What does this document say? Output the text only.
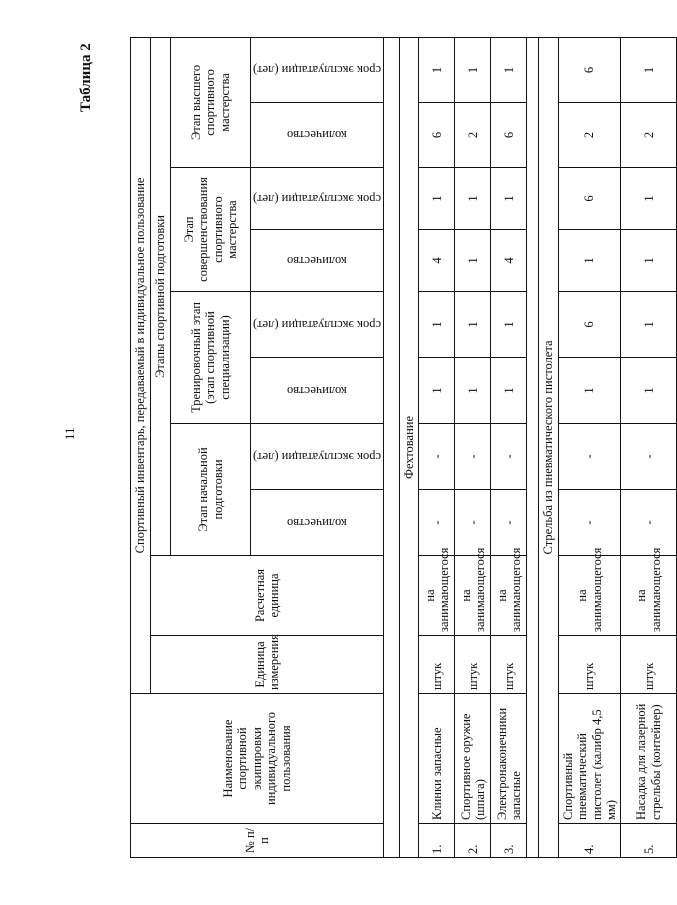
11
Таблица 2
№ п/п	Наименование спортивной экипировки индивидуального пользования	Спортивный инвентарь, передаваемый в индивидуальное пользование									
		Единица измерения	Расчетная единица	Этапы спортивной подготовки							
				Этап начальной подготовки		Тренировочный этап (этап спортивной специализации)		Этап совершенствования спортивного мастерства		Этап высшего спортивного мастерства	

				количество	срок эксплуатации (лет)	количество	срок эксплуатации (лет)	количество	срок эксплуатации (лет)	количество	срок эксплуатации (лет)

Фехтование											
1.	Клинки запасные	штук	на занимающегося	-	-	1	1	4	1	6	1
2.	Спортивное оружие (шпага)	штук	на занимающегося	-	-	1	1	1	1	2	1
3.	Электронаконечники запасные	штук	на занимающегося	-	-	1	1	4	1	6	1

Стрельба из пневматического пистолета											
4.	Спортивный пневматический пистолет (калибр 4,5 мм)	штук	на занимающегося	-	-	1	6	1	6	2	6
5.	Насадка для лазерной стрельбы (контейнер)	штук	на занимающегося	-	-	1	1	1	1	2	1
